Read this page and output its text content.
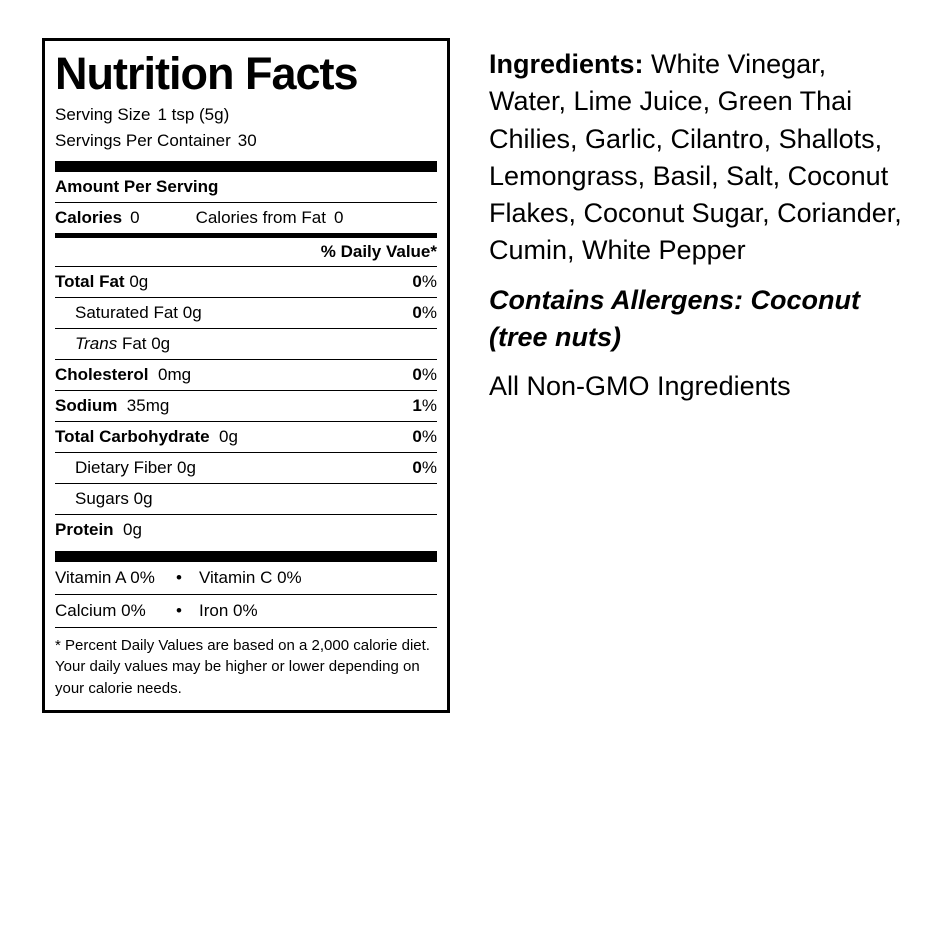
Nutrition Facts
Serving Size 1 tsp (5g)
Servings Per Container 30
Amount Per Serving
Calories 0	Calories from Fat 0
% Daily Value*
Total Fat 0g	0%
Saturated Fat 0g	0%
Trans Fat 0g
Cholesterol 0mg	0%
Sodium 35mg	1%
Total Carbohydrate 0g	0%
Dietary Fiber 0g	0%
Sugars 0g
Protein 0g
Vitamin A 0%	•	Vitamin C 0%
Calcium 0%	•	Iron 0%
* Percent Daily Values are based on a 2,000 calorie diet. Your daily values may be higher or lower depending on your calorie needs.

Ingredients: White Vinegar, Water, Lime Juice, Green Thai Chilies, Garlic, Cilantro, Shallots, Lemongrass, Basil, Salt, Coconut Flakes, Coconut Sugar, Coriander, Cumin, White Pepper

Contains Allergens: Coconut (tree nuts)

All Non-GMO Ingredients
